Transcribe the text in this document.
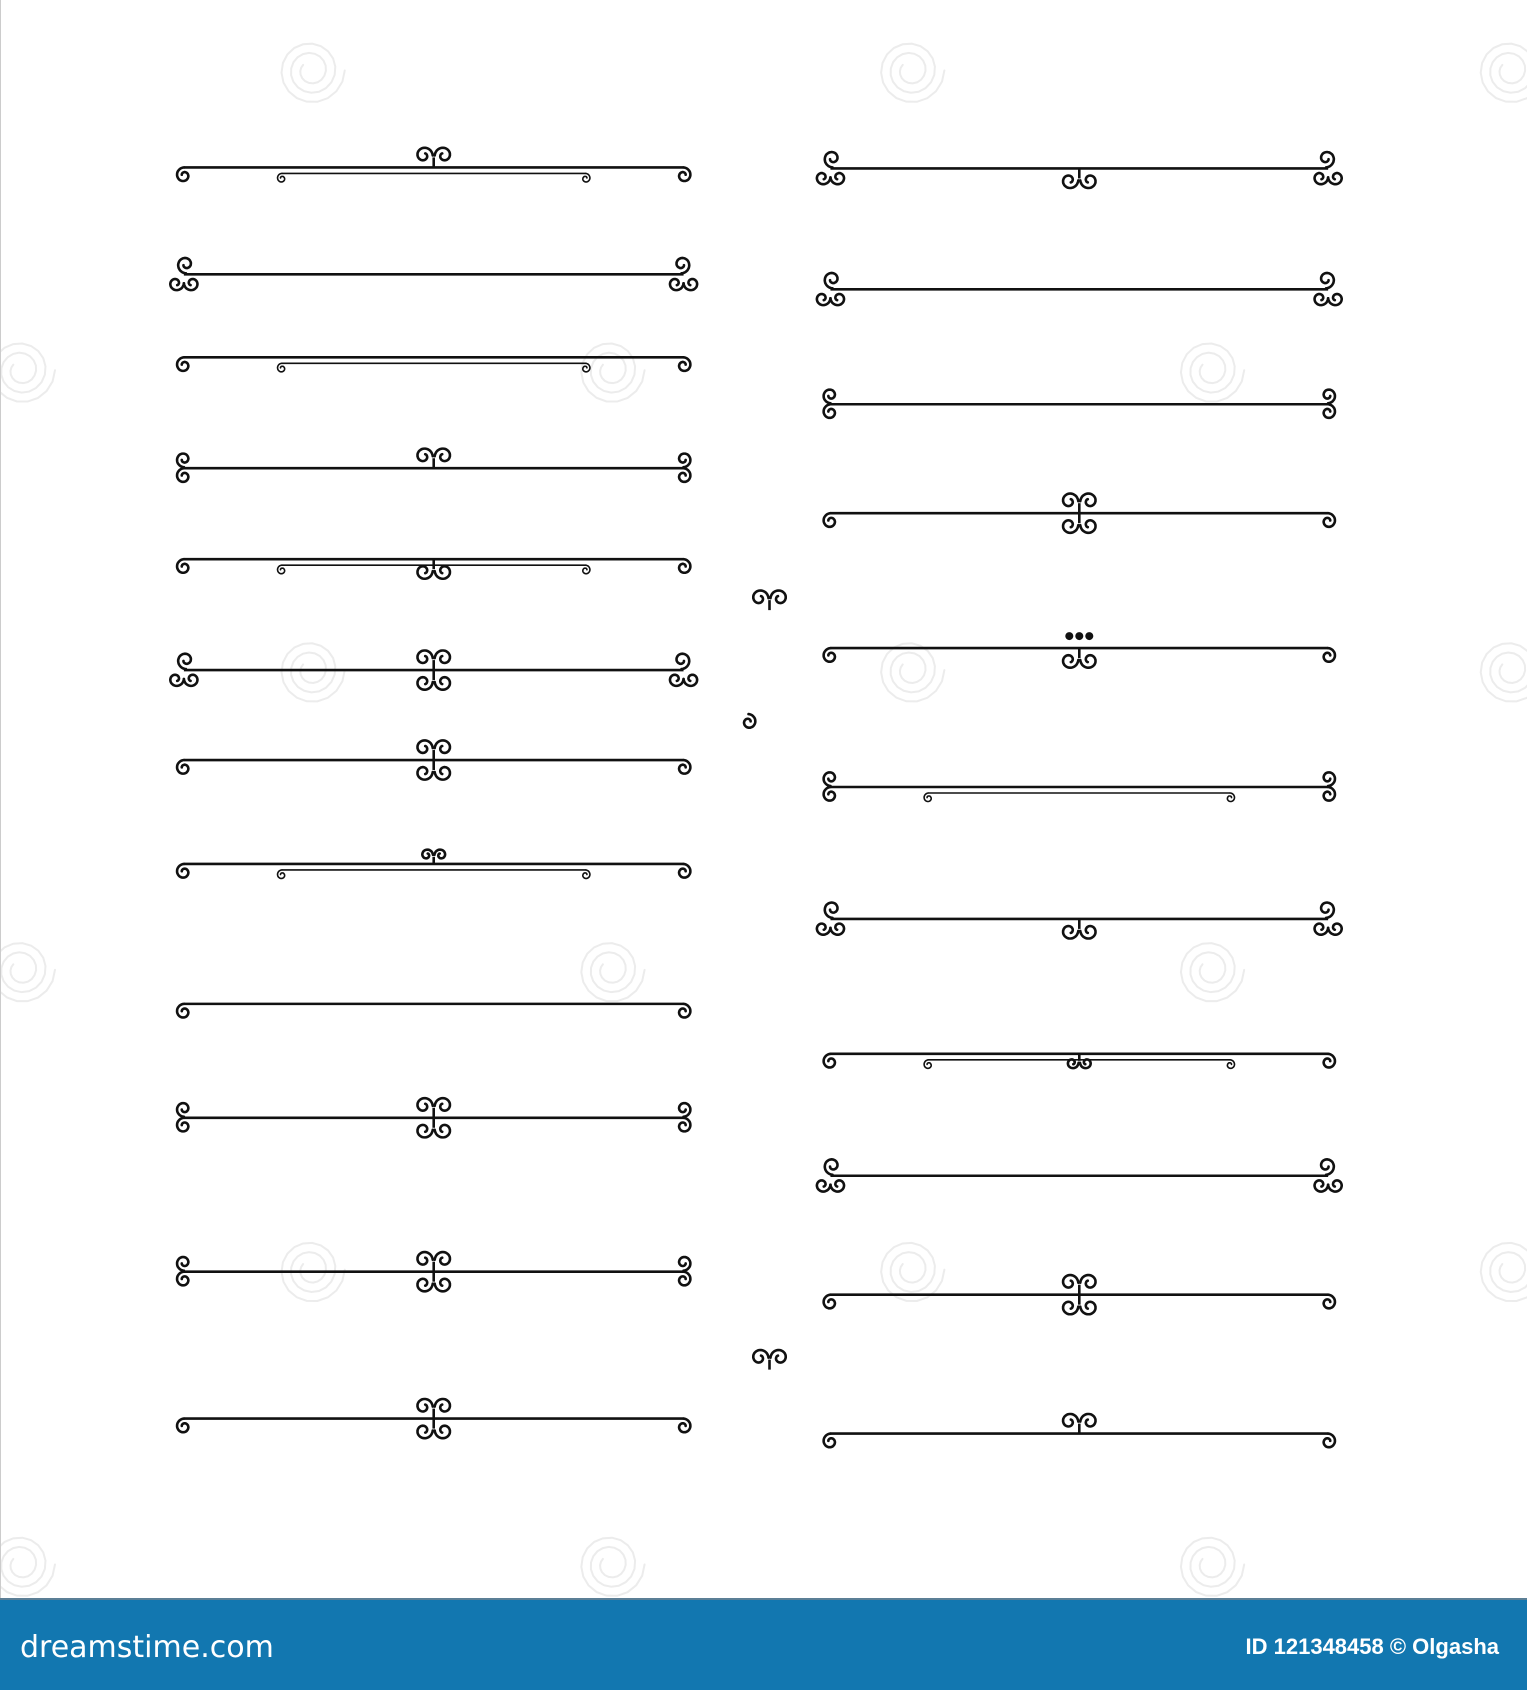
dreamstime.com	ID 121348458 © Olgasha
